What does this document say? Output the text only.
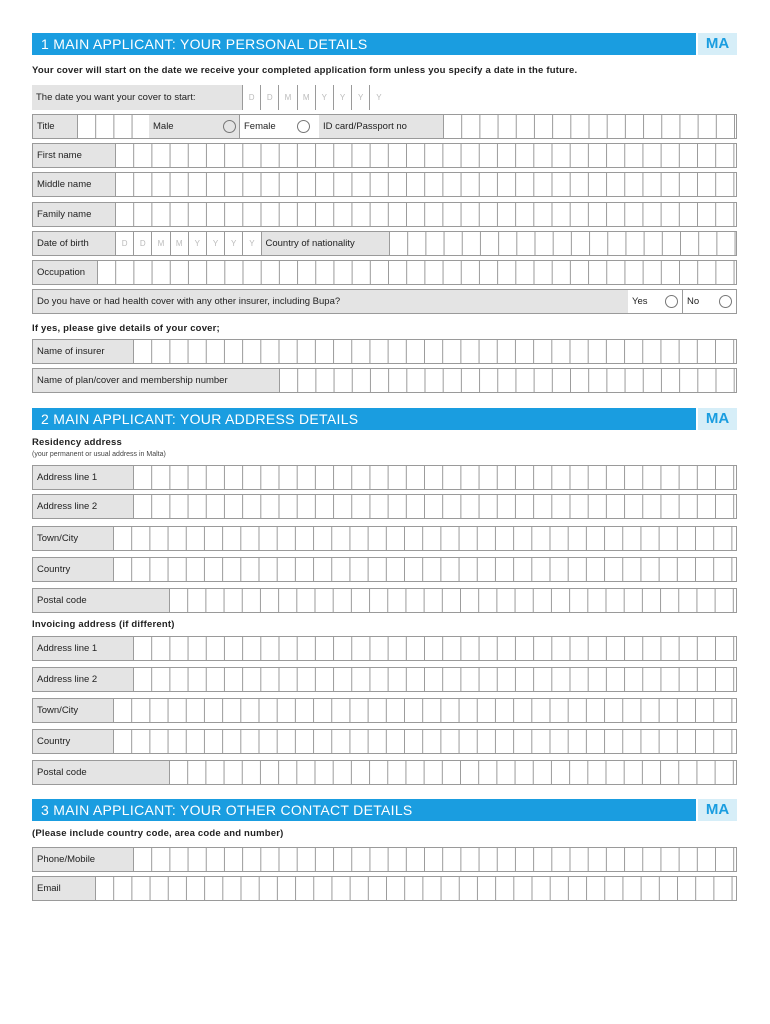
1 MAIN APPLICANT: YOUR PERSONAL DETAILS	MA
Your cover will start on the date we receive your completed application form unless you specify a date in the future.
The date you want your cover to start:	D	D	M	M	Y	Y	Y	Y
Title	Male	Female	ID card/Passport no
First name
Middle name
Family name
Date of birth	D	D	M	M	Y	Y	Y	Y	Country of nationality
Occupation
Do you have or had health cover with any other insurer, including Bupa?	Yes	No
If yes, please give details of your cover;
Name of insurer
Name of plan/cover and membership number
2 MAIN APPLICANT: YOUR ADDRESS DETAILS	MA
Residency address
(your permanent or usual address in Malta)
Address line 1
Address line 2
Town/City
Country
Postal code
Invoicing address (if different)
Address line 1
Address line 2
Town/City
Country
Postal code
3 MAIN APPLICANT: YOUR OTHER CONTACT DETAILS	MA
(Please include country code, area code and number)
Phone/Mobile
Email
